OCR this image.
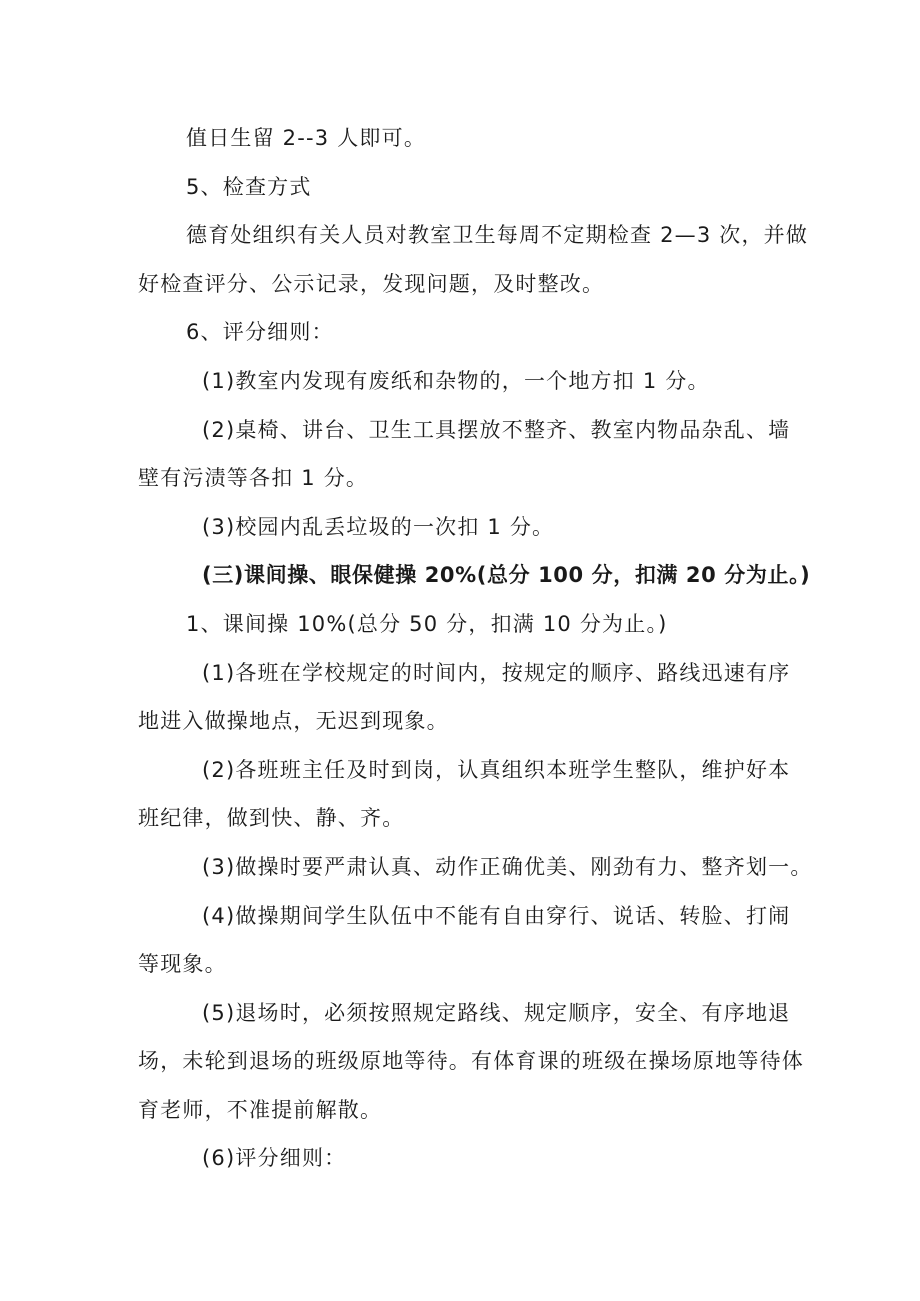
值日生留 2--3 人即可。
5、检查方式
德育处组织有关人员对教室卫生每周不定期检查 2—3 次，并做
好检查评分、公示记录，发现问题，及时整改。
6、评分细则：
(1)教室内发现有废纸和杂物的，一个地方扣 1 分。
(2)桌椅、讲台、卫生工具摆放不整齐、教室内物品杂乱、墙
壁有污渍等各扣 1 分。
(3)校园内乱丢垃圾的一次扣 1 分。
(三)课间操、眼保健操 20%(总分 100 分，扣满 20 分为止。)
1、课间操 10%(总分 50 分，扣满 10 分为止。)
(1)各班在学校规定的时间内，按规定的顺序、路线迅速有序
地进入做操地点，无迟到现象。
(2)各班班主任及时到岗，认真组织本班学生整队，维护好本
班纪律，做到快、静、齐。
(3)做操时要严肃认真、动作正确优美、刚劲有力、整齐划一。
(4)做操期间学生队伍中不能有自由穿行、说话、转脸、打闹
等现象。
(5)退场时，必须按照规定路线、规定顺序，安全、有序地退
场，未轮到退场的班级原地等待。有体育课的班级在操场原地等待体
育老师，不准提前解散。
(6)评分细则：
